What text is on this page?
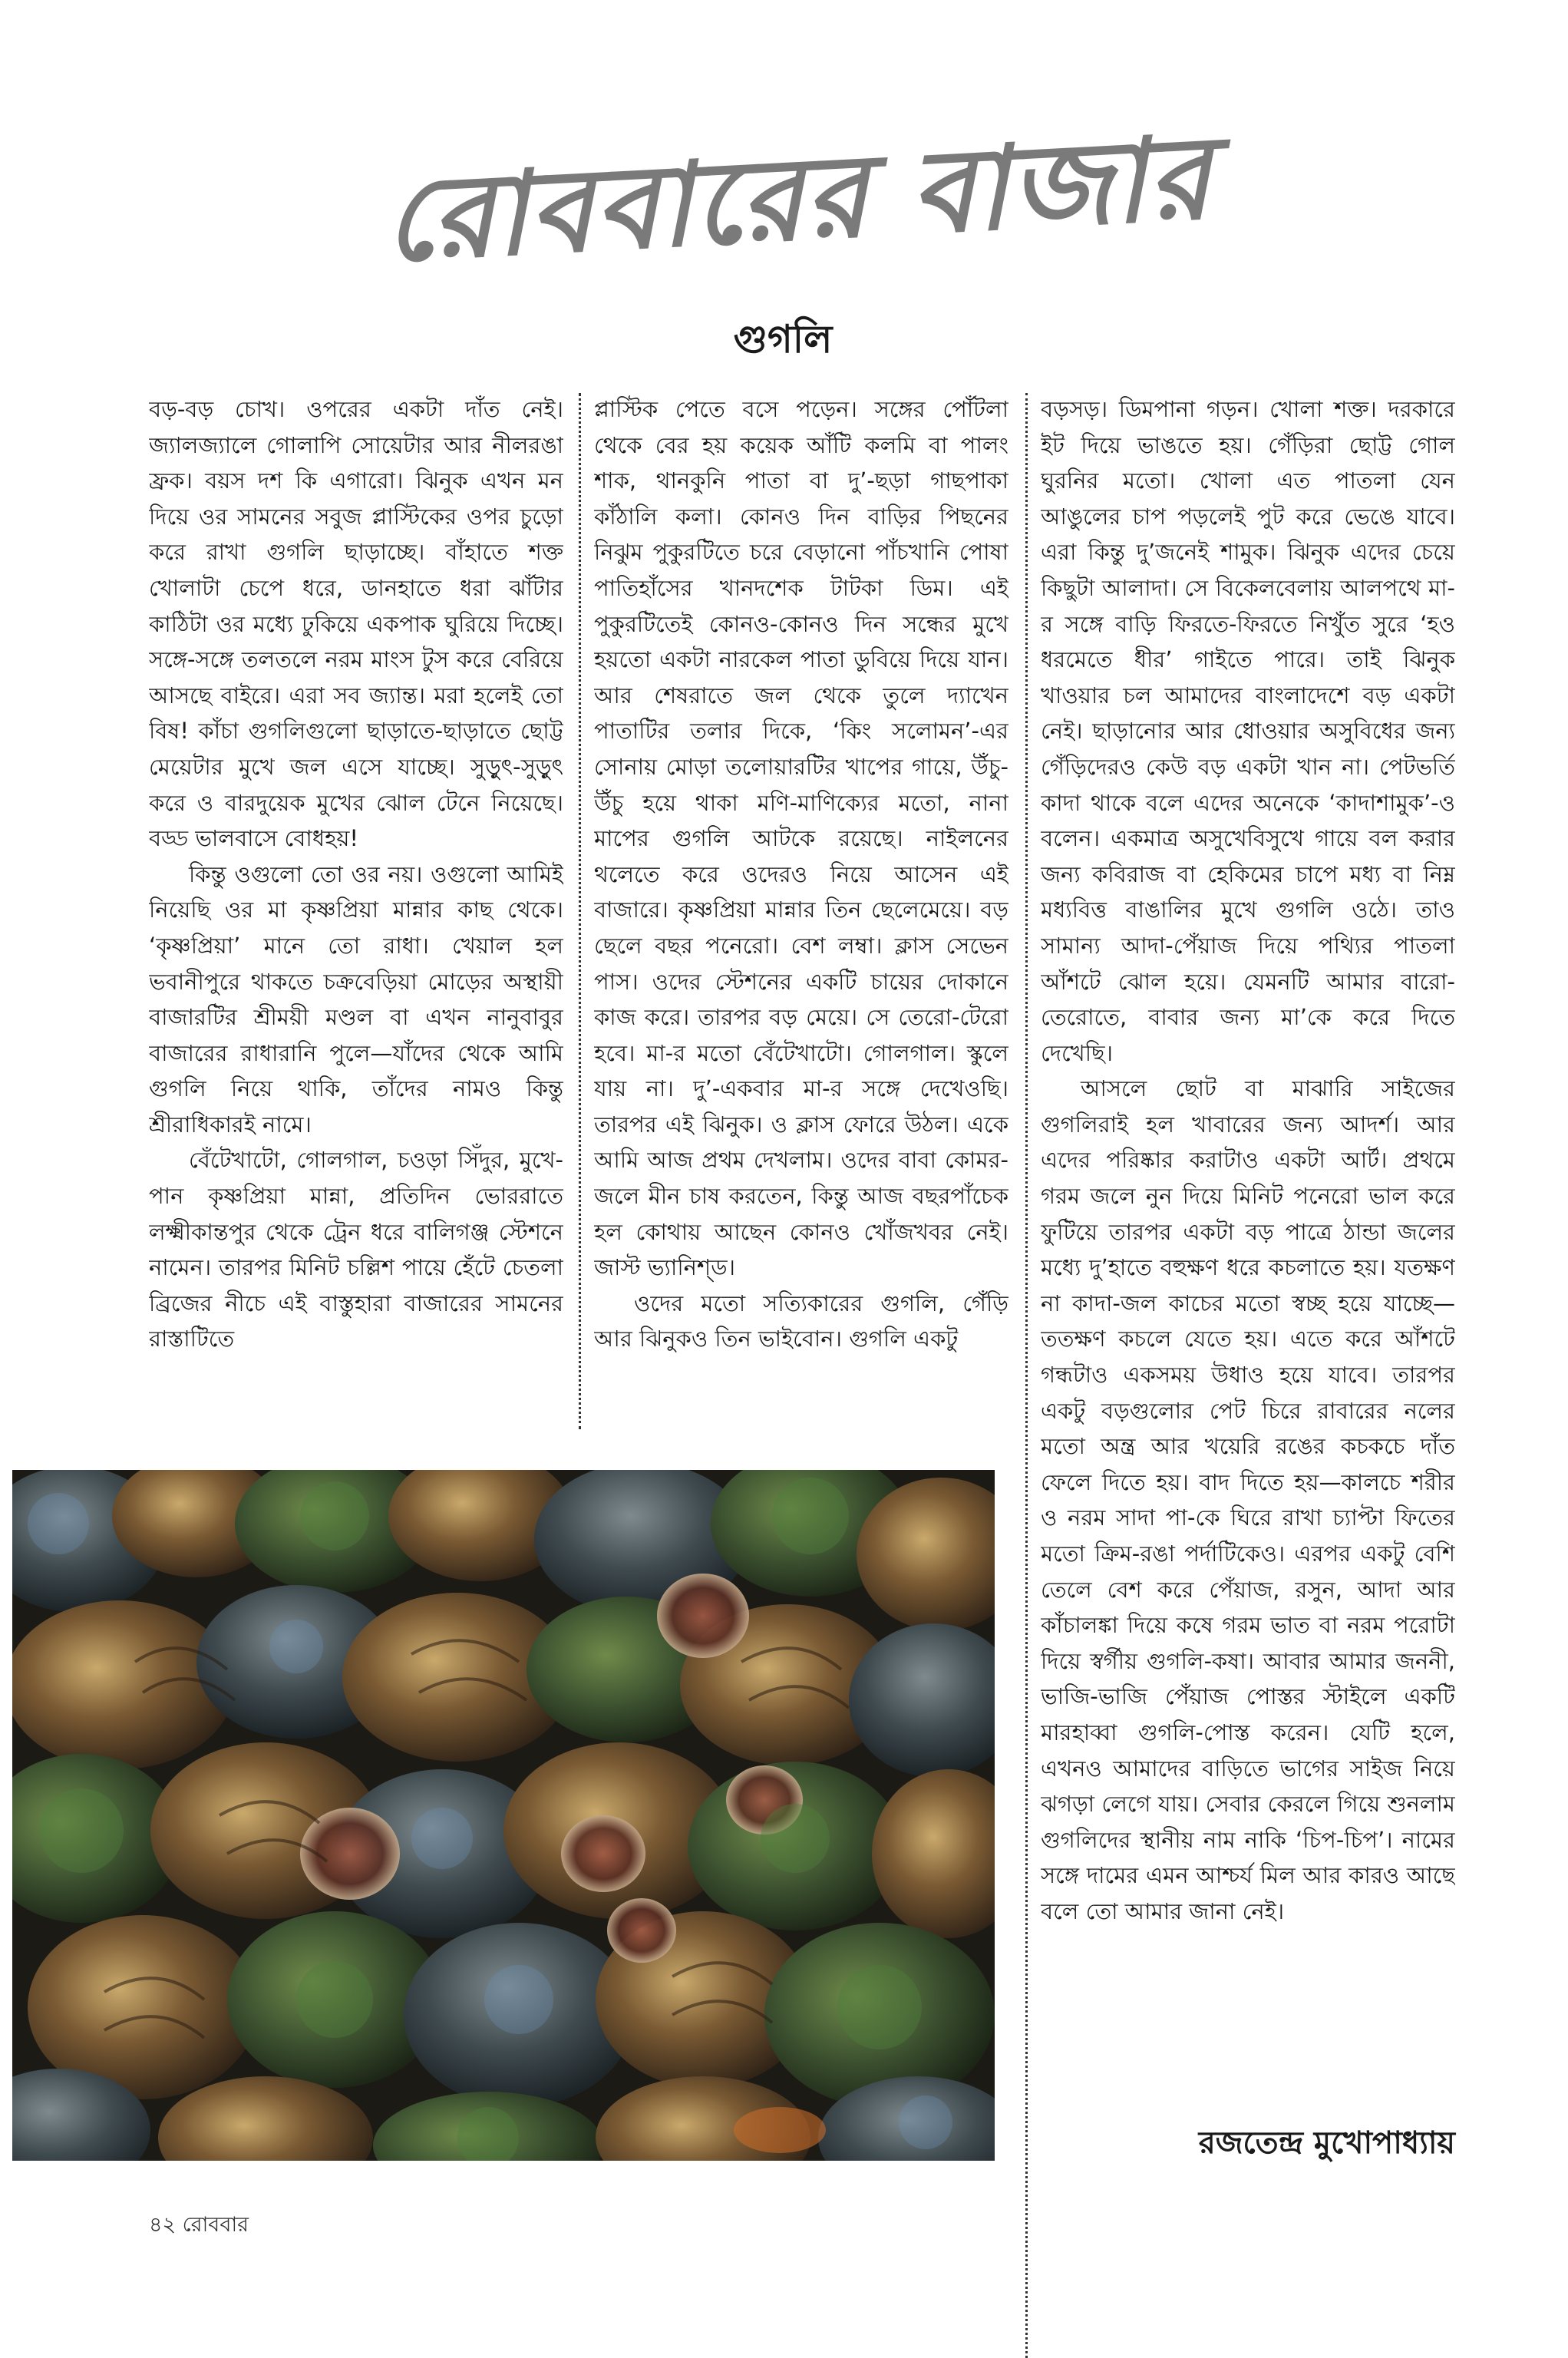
রোববারের বাজার
গুগলি

বড়-বড় চোখ। ওপরের একটা দাঁত নেই। জ্যালজ্যালে গোলাপি সোয়েটার আর নীলরঙা ফ্রক। বয়স দশ কি এগারো। ঝিনুক এখন মন দিয়ে ওর সামনের সবুজ প্লাস্টিকের ওপর চুড়ো করে রাখা গুগলি ছাড়াচ্ছে। বাঁহাতে শক্ত খোলাটা চেপে ধরে, ডানহাতে ধরা ঝাঁটার কাঠিটা ওর মধ্যে ঢুকিয়ে একপাক ঘুরিয়ে দিচ্ছে। সঙ্গে-সঙ্গে তলতলে নরম মাংস টুস করে বেরিয়ে আসছে বাইরে। এরা সব জ্যান্ত। মরা হলেই তো বিষ! কাঁচা গুগলিগুলো ছাড়াতে-ছাড়াতে ছোট্ট মেয়েটার মুখে জল এসে যাচ্ছে। সুড়ুৎ-সুড়ুৎ করে ও বারদুয়েক মুখের ঝোল টেনে নিয়েছে। বড্ড ভালবাসে বোধহয়!

কিন্তু ওগুলো তো ওর নয়। ওগুলো আমিই নিয়েছি ওর মা কৃষ্ণপ্রিয়া মান্নার কাছ থেকে। ‘কৃষ্ণপ্রিয়া’ মানে তো রাধা। খেয়াল হল ভবানীপুরে থাকতে চক্রবেড়িয়া মোড়ের অস্থায়ী বাজারটির শ্রীময়ী মণ্ডল বা এখন নানুবাবুর বাজারের রাধারানি পুলে—যাঁদের থেকে আমি গুগলি নিয়ে থাকি, তাঁদের নামও কিন্তু শ্রীরাধিকারই নামে।

বেঁটেখাটো, গোলগাল, চওড়া সিঁদুর, মুখে-পান কৃষ্ণপ্রিয়া মান্না, প্রতিদিন ভোররাতে লক্ষ্মীকান্তপুর থেকে ট্রেন ধরে বালিগঞ্জ স্টেশনে নামেন। তারপর মিনিট চল্লিশ পায়ে হেঁটে চেতলা ব্রিজের নীচে এই বাস্তুহারা বাজারের সামনের রাস্তাটিতে

প্লাস্টিক পেতে বসে পড়েন। সঙ্গের পোঁটলা থেকে বের হয় কয়েক আঁটি কলমি বা পালং শাক, থানকুনি পাতা বা দু’-ছড়া গাছপাকা কাঁঠালি কলা। কোনও দিন বাড়ির পিছনের নিঝুম পুকুরটিতে চরে বেড়ানো পাঁচখানি পোষা পাতিহাঁসের খানদশেক টাটকা ডিম। এই পুকুরটিতেই কোনও-কোনও দিন সন্ধের মুখে হয়তো একটা নারকেল পাতা ডুবিয়ে দিয়ে যান। আর শেষরাতে জল থেকে তুলে দ্যাখেন পাতাটির তলার দিকে, ‘কিং সলোমন’-এর সোনায় মোড়া তলোয়ারটির খাপের গায়ে, উঁচু-উঁচু হয়ে থাকা মণি-মাণিক্যের মতো, নানা মাপের গুগলি আটকে রয়েছে। নাইলনের থলেতে করে ওদেরও নিয়ে আসেন এই বাজারে। কৃষ্ণপ্রিয়া মান্নার তিন ছেলেমেয়ে। বড় ছেলে বছর পনেরো। বেশ লম্বা। ক্লাস সেভেন পাস। ওদের স্টেশনের একটি চায়ের দোকানে কাজ করে। তারপর বড় মেয়ে। সে তেরো-টেরো হবে। মা-র মতো বেঁটেখাটো। গোলগাল। স্কুলে যায় না। দু’-একবার মা-র সঙ্গে দেখেওছি। তারপর এই ঝিনুক। ও ক্লাস ফোরে উঠল। একে আমি আজ প্রথম দেখলাম। ওদের বাবা কোমর-জলে মীন চাষ করতেন, কিন্তু আজ বছরপাঁচেক হল কোথায় আছেন কোনও খোঁজখবর নেই। জাস্ট ভ্যানিশ্‌ড।

ওদের মতো সত্যিকারের গুগলি, গেঁড়ি আর ঝিনুকও তিন ভাইবোন। গুগলি একটু

বড়সড়। ডিমপানা গড়ন। খোলা শক্ত। দরকারে ইট দিয়ে ভাঙতে হয়। গেঁড়িরা ছোট্ট গোল ঘুরনির মতো। খোলা এত পাতলা যেন আঙুলের চাপ পড়লেই পুট করে ভেঙে যাবে। এরা কিন্তু দু’জনেই শামুক। ঝিনুক এদের চেয়ে কিছুটা আলাদা। সে বিকেলবেলায় আলপথে মা-র সঙ্গে বাড়ি ফিরতে-ফিরতে নিখুঁত সুরে ‘হও ধরমেতে ধীর’ গাইতে পারে। তাই ঝিনুক খাওয়ার চল আমাদের বাংলাদেশে বড় একটা নেই। ছাড়ানোর আর ধোওয়ার অসুবিধের জন্য গেঁড়িদেরও কেউ বড় একটা খান না। পেটভর্তি কাদা থাকে বলে এদের অনেকে ‘কাদাশামুক’-ও বলেন। একমাত্র অসুখেবিসুখে গায়ে বল করার জন্য কবিরাজ বা হেকিমের চাপে মধ্য বা নিম্ন মধ্যবিত্ত বাঙালির মুখে গুগলি ওঠে। তাও সামান্য আদা-পেঁয়াজ দিয়ে পথ্যির পাতলা আঁশটে ঝোল হয়ে। যেমনটি আমার বারো-তেরোতে, বাবার জন্য মা’কে করে দিতে দেখেছি।

আসলে ছোট বা মাঝারি সাইজের গুগলিরাই হল খাবারের জন্য আদর্শ। আর এদের পরিষ্কার করাটাও একটা আর্ট। প্রথমে গরম জলে নুন দিয়ে মিনিট পনেরো ভাল করে ফুটিয়ে তারপর একটা বড় পাত্রে ঠান্ডা জলের মধ্যে দু’হাতে বহুক্ষণ ধরে কচলাতে হয়। যতক্ষণ না কাদা-জল কাচের মতো স্বচ্ছ হয়ে যাচ্ছে—ততক্ষণ কচলে যেতে হয়। এতে করে আঁশটে গন্ধটাও একসময় উধাও হয়ে যাবে। তারপর একটু বড়গুলোর পেট চিরে রাবারের নলের মতো অন্ত্র আর খয়েরি রঙের কচকচে দাঁত ফেলে দিতে হয়। বাদ দিতে হয়—কালচে শরীর ও নরম সাদা পা-কে ঘিরে রাখা চ্যাপ্টা ফিতের মতো ক্রিম-রঙা পর্দাটিকেও। এরপর একটু বেশি তেলে বেশ করে পেঁয়াজ, রসুন, আদা আর কাঁচালঙ্কা দিয়ে কষে গরম ভাত বা নরম পরোটা দিয়ে স্বর্গীয় গুগলি-কষা। আবার আমার জননী, ভাজি-ভাজি পেঁয়াজ পোস্তর স্টাইলে একটি মারহাব্বা গুগলি-পোস্ত করেন। যেটি হলে, এখনও আমাদের বাড়িতে ভাগের সাইজ নিয়ে ঝগড়া লেগে যায়। সেবার কেরলে গিয়ে শুনলাম গুগলিদের স্থানীয় নাম নাকি ‘চিপ-চিপ’। নামের সঙ্গে দামের এমন আশ্চর্য মিল আর কারও আছে বলে তো আমার জানা নেই।

রজতেন্দ্র মুখোপাধ্যায়
৪২ রোববার
